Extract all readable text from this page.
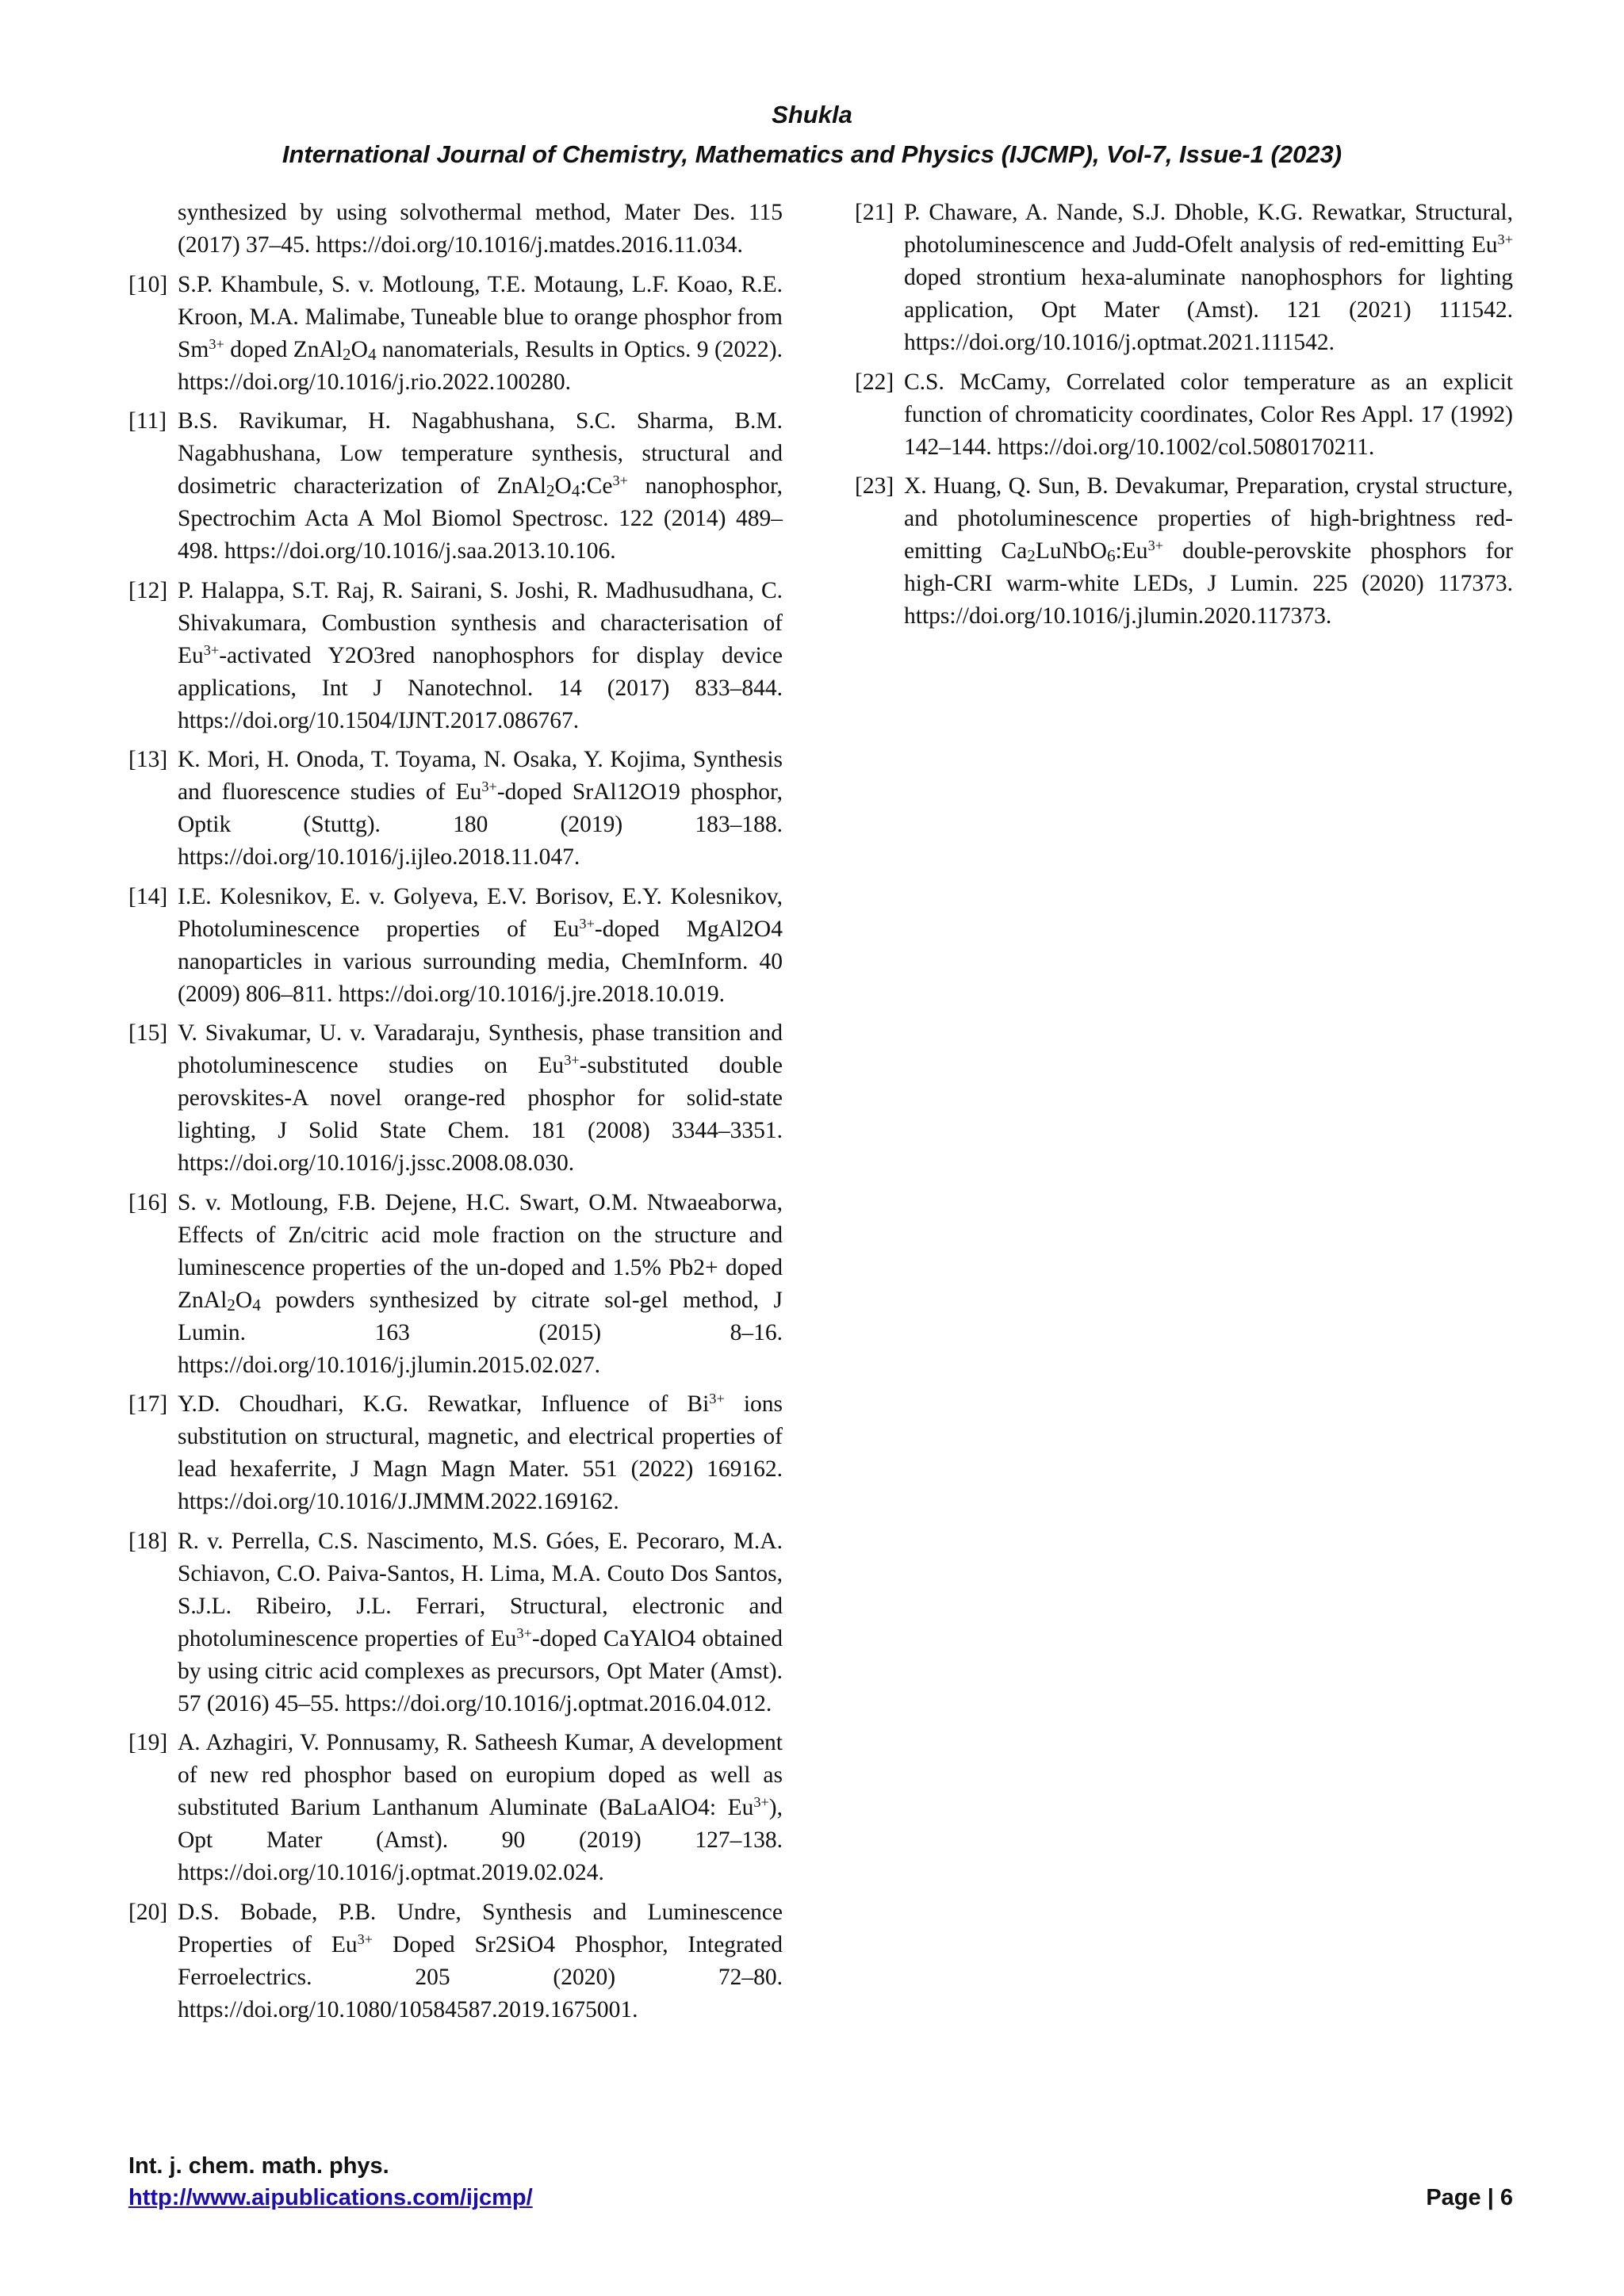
Shukla
International Journal of Chemistry, Mathematics and Physics (IJCMP), Vol-7, Issue-1 (2023)
synthesized by using solvothermal method, Mater Des. 115 (2017) 37–45. https://doi.org/10.1016/j.matdes.2016.11.034.
[10] S.P. Khambule, S. v. Motloung, T.E. Motaung, L.F. Koao, R.E. Kroon, M.A. Malimabe, Tuneable blue to orange phosphor from $Sm^{3+}$ doped $ZnAl_2O_4$ nanomaterials, Results in Optics. 9 (2022). https://doi.org/10.1016/j.rio.2022.100280.
[11] B.S. Ravikumar, H. Nagabhushana, S.C. Sharma, B.M. Nagabhushana, Low temperature synthesis, structural and dosimetric characterization of $ZnAl_2O_4:Ce^{3+}$ nanophosphor, Spectrochim Acta A Mol Biomol Spectrosc. 122 (2014) 489–498. https://doi.org/10.1016/j.saa.2013.10.106.
[12] P. Halappa, S.T. Raj, R. Sairani, S. Joshi, R. Madhusudhana, C. Shivakumara, Combustion synthesis and characterisation of $Eu^{3+}$-activated Y2O3red nanophosphors for display device applications, Int J Nanotechnol. 14 (2017) 833–844. https://doi.org/10.1504/IJNT.2017.086767.
[13] K. Mori, H. Onoda, T. Toyama, N. Osaka, Y. Kojima, Synthesis and fluorescence studies of $Eu^{3+}$-doped SrAl12O19 phosphor, Optik (Stuttg). 180 (2019) 183–188. https://doi.org/10.1016/j.ijleo.2018.11.047.
[14] I.E. Kolesnikov, E. v. Golyeva, E.V. Borisov, E.Y. Kolesnikov, Photoluminescence properties of $Eu^{3+}$-doped MgAl2O4 nanoparticles in various surrounding media, ChemInform. 40 (2009) 806–811. https://doi.org/10.1016/j.jre.2018.10.019.
[15] V. Sivakumar, U. v. Varadaraju, Synthesis, phase transition and photoluminescence studies on $Eu^{3+}$-substituted double perovskites-A novel orange-red phosphor for solid-state lighting, J Solid State Chem. 181 (2008) 3344–3351. https://doi.org/10.1016/j.jssc.2008.08.030.
[16] S. v. Motloung, F.B. Dejene, H.C. Swart, O.M. Ntwaeaborwa, Effects of Zn/citric acid mole fraction on the structure and luminescence properties of the un-doped and 1.5% Pb2+ doped $ZnAl_2O_4$ powders synthesized by citrate sol-gel method, J Lumin. 163 (2015) 8–16. https://doi.org/10.1016/j.jlumin.2015.02.027.
[17] Y.D. Choudhari, K.G. Rewatkar, Influence of $Bi^{3+}$ ions substitution on structural, magnetic, and electrical properties of lead hexaferrite, J Magn Magn Mater. 551 (2022) 169162. https://doi.org/10.1016/J.JMMM.2022.169162.
[18] R. v. Perrella, C.S. Nascimento, M.S. Góes, E. Pecoraro, M.A. Schiavon, C.O. Paiva-Santos, H. Lima, M.A. Couto Dos Santos, S.J.L. Ribeiro, J.L. Ferrari, Structural, electronic and photoluminescence properties of $Eu^{3+}$-doped CaYAlO4 obtained by using citric acid complexes as precursors, Opt Mater (Amst). 57 (2016) 45–55. https://doi.org/10.1016/j.optmat.2016.04.012.
[19] A. Azhagiri, V. Ponnusamy, R. Satheesh Kumar, A development of new red phosphor based on europium doped as well as substituted Barium Lanthanum Aluminate (BaLaAlO4: $Eu^{3+}$), Opt Mater (Amst). 90 (2019) 127–138. https://doi.org/10.1016/j.optmat.2019.02.024.
[20] D.S. Bobade, P.B. Undre, Synthesis and Luminescence Properties of $Eu^{3+}$ Doped Sr2SiO4 Phosphor, Integrated Ferroelectrics. 205 (2020) 72–80. https://doi.org/10.1080/10584587.2019.1675001.
[21] P. Chaware, A. Nande, S.J. Dhoble, K.G. Rewatkar, Structural, photoluminescence and Judd-Ofelt analysis of red-emitting $Eu^{3+}$ doped strontium hexa-aluminate nanophosphors for lighting application, Opt Mater (Amst). 121 (2021) 111542. https://doi.org/10.1016/j.optmat.2021.111542.
[22] C.S. McCamy, Correlated color temperature as an explicit function of chromaticity coordinates, Color Res Appl. 17 (1992) 142–144. https://doi.org/10.1002/col.5080170211.
[23] X. Huang, Q. Sun, B. Devakumar, Preparation, crystal structure, and photoluminescence properties of high-brightness red-emitting $Ca_2LuNbO_6:Eu^{3+}$ double-perovskite phosphors for high-CRI warm-white LEDs, J Lumin. 225 (2020) 117373. https://doi.org/10.1016/j.jlumin.2020.117373.
Int. j. chem. math. phys.
http://www.aipublications.com/ijcmp/	Page | 6
